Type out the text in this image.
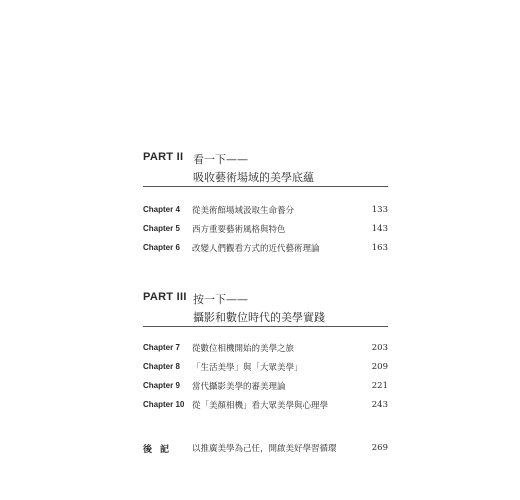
PART II 看一下——
吸收藝術場域的美學底蘊
Chapter 4 從美術館場域汲取生命養分	133
Chapter 5 西方重要藝術風格與特色	143
Chapter 6 改變人們觀看方式的近代藝術理論	163
PART III 按一下——
攝影和數位時代的美學實踐
Chapter 7 從數位相機開始的美學之旅	203
Chapter 8 「生活美學」與「大眾美學」	209
Chapter 9 當代攝影美學的審美理論	221
Chapter 10 從「美顏相機」看大眾美學與心理學	243
後記 以推廣美學為己任，開啟美好學習循環	269
